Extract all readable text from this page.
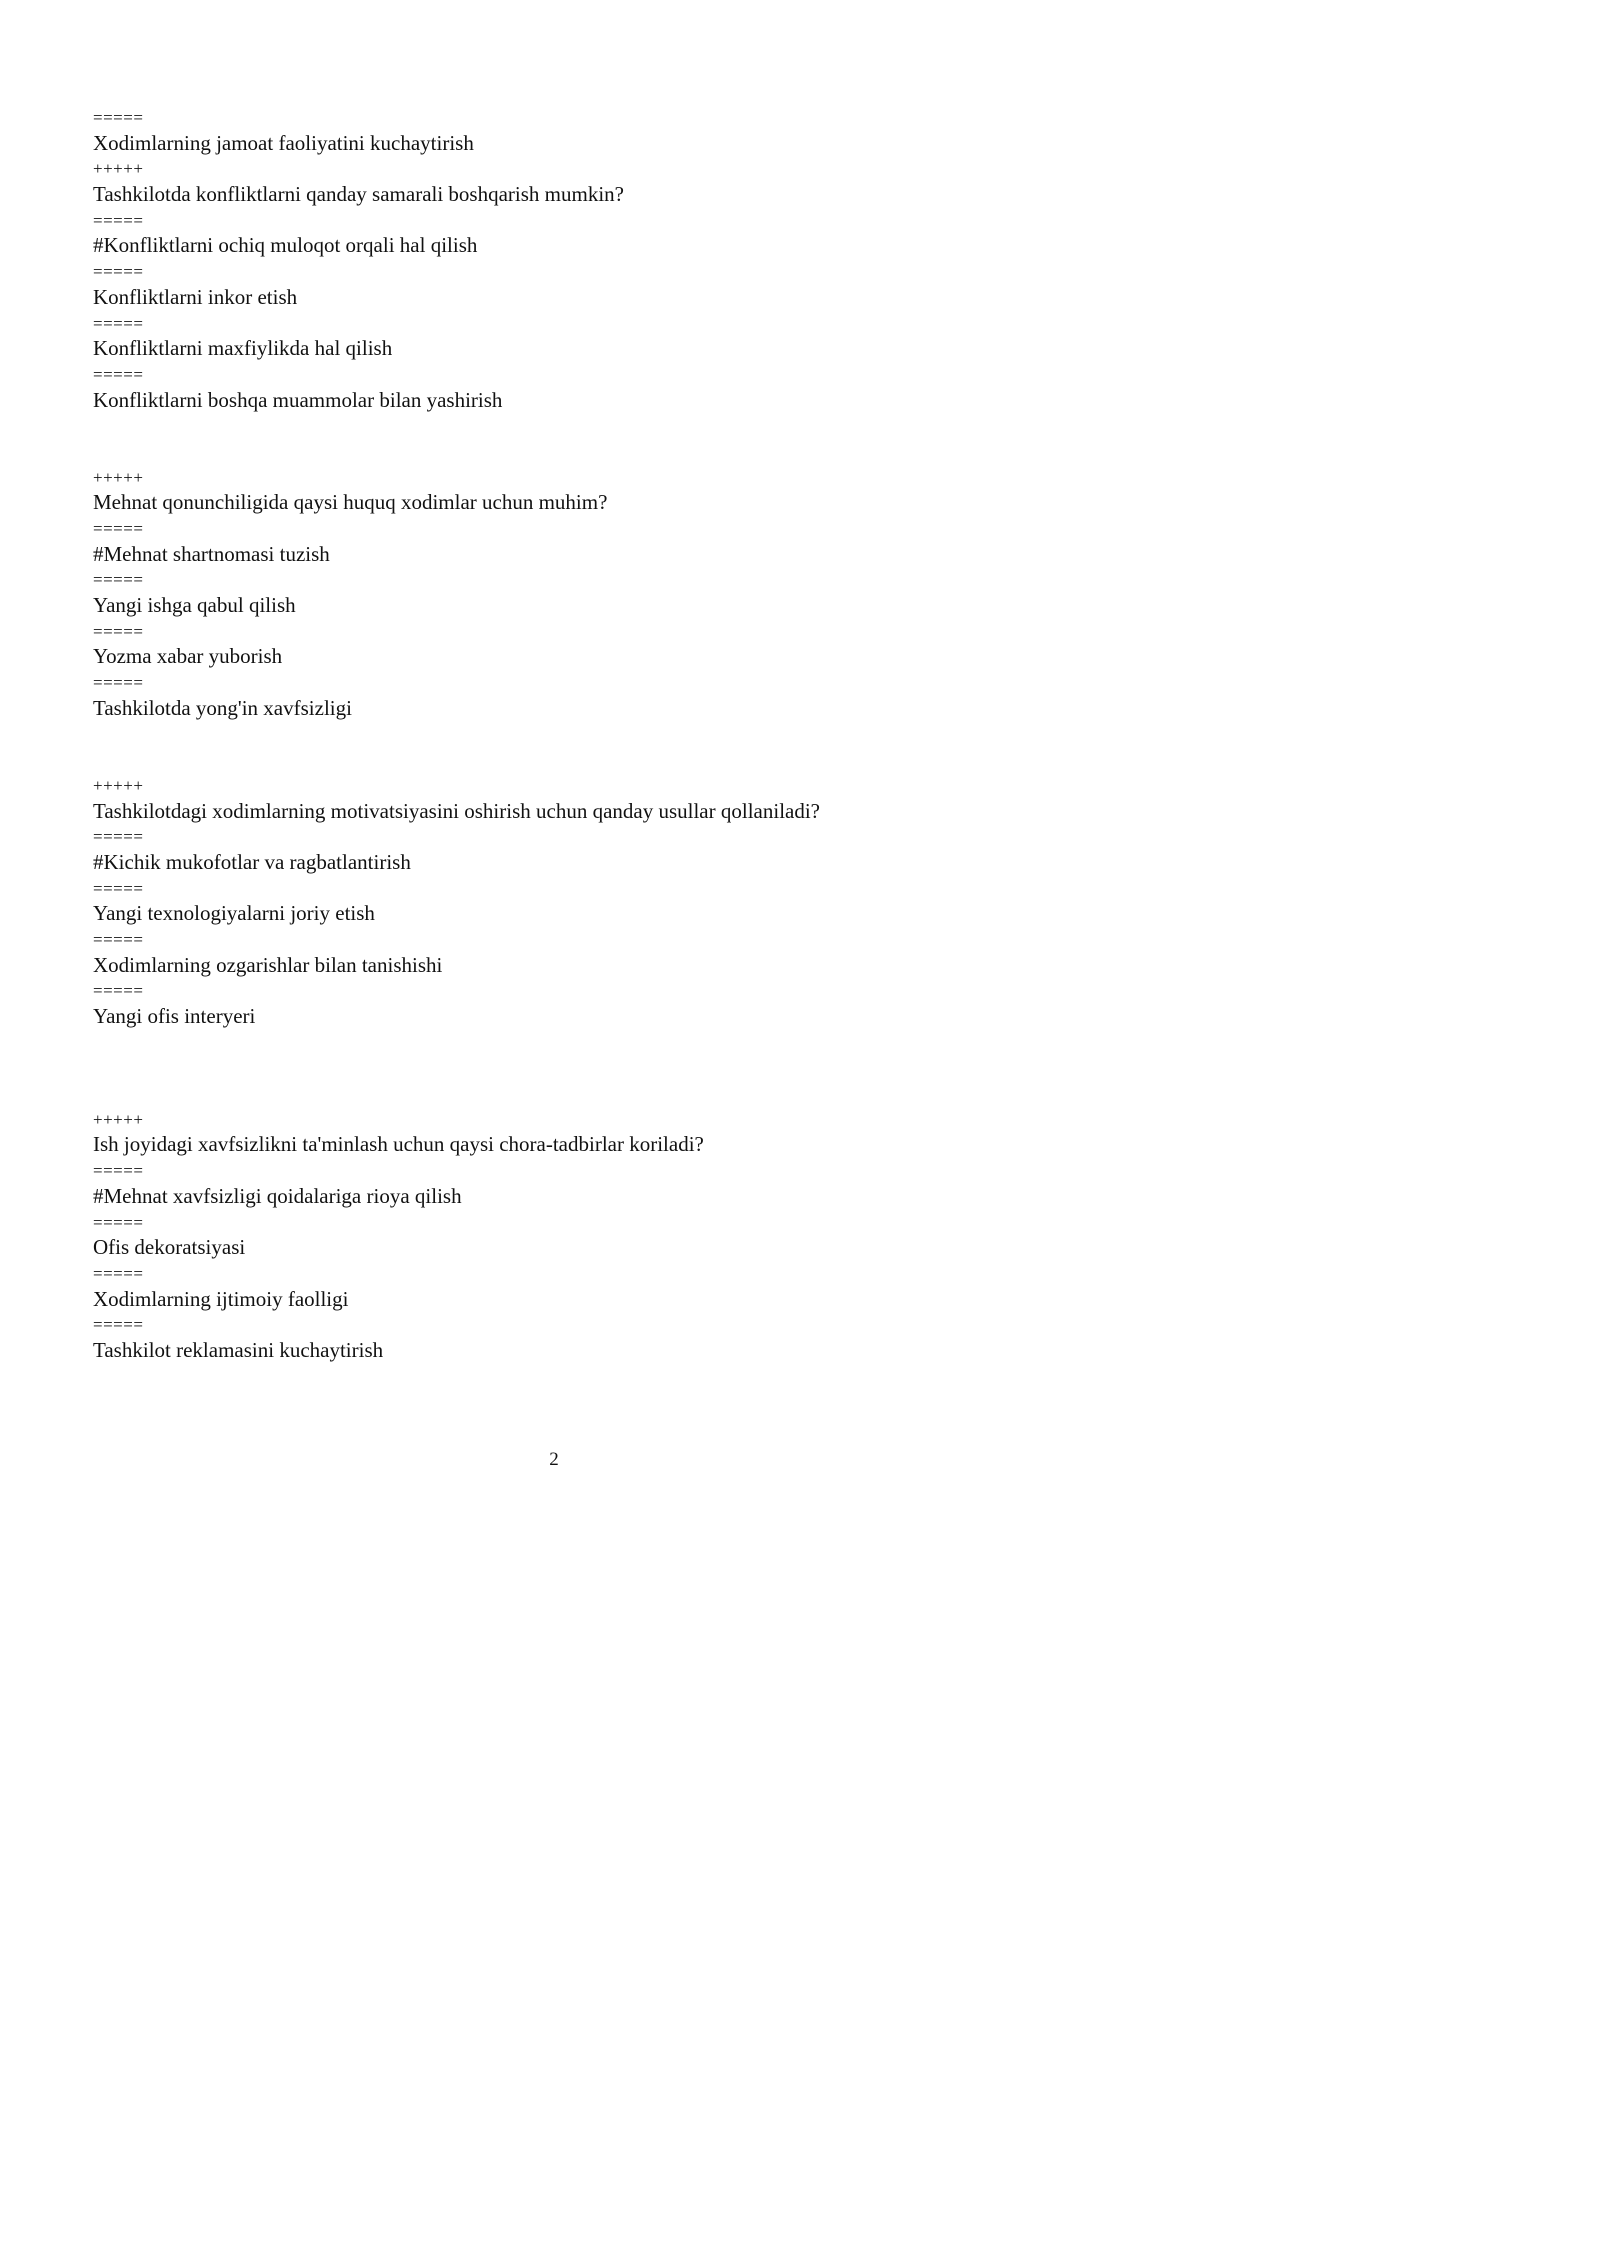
=====
Xodimlarning jamoat faoliyatini kuchaytirish
+++++
Tashkilotda konfliktlarni qanday samarali boshqarish mumkin?
=====
#Konfliktlarni ochiq muloqot orqali hal qilish
=====
Konfliktlarni inkor etish
=====
Konfliktlarni maxfiylikda hal qilish
=====
Konfliktlarni boshqa muammolar bilan yashirish
+++++
Mehnat qonunchiligida qaysi huquq xodimlar uchun muhim?
=====
#Mehnat shartnomasi tuzish
=====
Yangi ishga qabul qilish
=====
Yozma xabar yuborish
=====
Tashkilotda yong'in xavfsizligi
+++++
Tashkilotdagi xodimlarning motivatsiyasini oshirish uchun qanday usullar qollaniladi?
=====
#Kichik mukofotlar va ragbatlantirish
=====
Yangi texnologiyalarni joriy etish
=====
Xodimlarning ozgarishlar bilan tanishishi
=====
Yangi ofis interyeri
+++++
Ish joyidagi xavfsizlikni ta'minlash uchun qaysi chora-tadbirlar koriladi?
=====
#Mehnat xavfsizligi qoidalariga rioya qilish
=====
Ofis dekoratsiyasi
=====
Xodimlarning ijtimoiy faolligi
=====
Tashkilot reklamasini kuchaytirish
2
